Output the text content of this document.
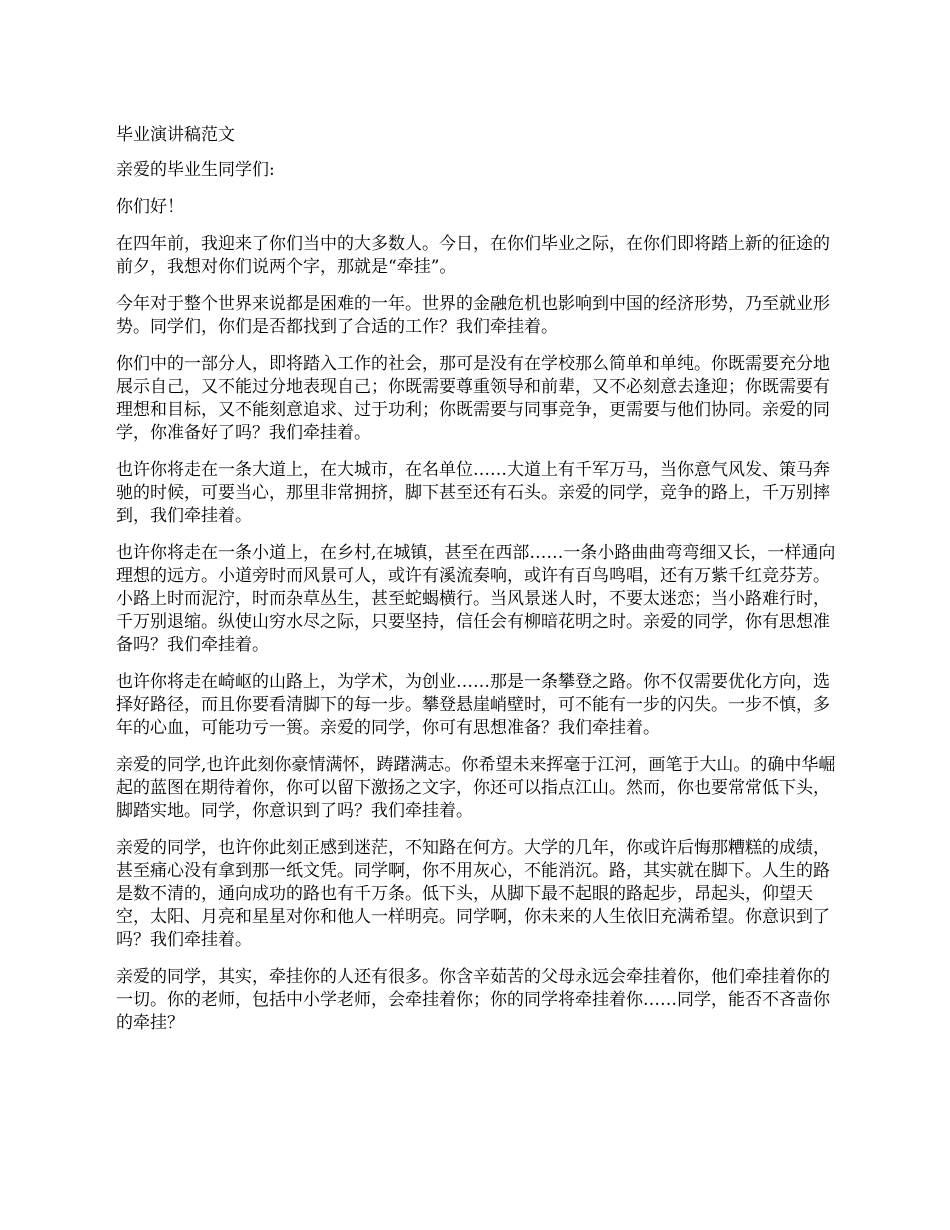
毕业演讲稿范文

亲爱的毕业生同学们:

你们好！

在四年前，我迎来了你们当中的大多数人。今日，在你们毕业之际，在你们即将踏上新的征途的前夕，我想对你们说两个字，那就是“牵挂”。

今年对于整个世界来说都是困难的一年。世界的金融危机也影响到中国的经济形势，乃至就业形势。同学们，你们是否都找到了合适的工作？我们牵挂着。

你们中的一部分人，即将踏入工作的社会，那可是没有在学校那么简单和单纯。你既需要充分地展示自己，又不能过分地表现自己；你既需要尊重领导和前辈，又不必刻意去逢迎；你既需要有理想和目标，又不能刻意追求、过于功利；你既需要与同事竞争，更需要与他们协同。亲爱的同学，你准备好了吗？我们牵挂着。

也许你将走在一条大道上，在大城市，在名单位……大道上有千军万马，当你意气风发、策马奔驰的时候，可要当心，那里非常拥挤，脚下甚至还有石头。亲爱的同学，竞争的路上，千万别摔到，我们牵挂着。

也许你将走在一条小道上，在乡村,在城镇，甚至在西部……一条小路曲曲弯弯细又长，一样通向理想的远方。小道旁时而风景可人，或许有溪流奏响，或许有百鸟鸣唱，还有万紫千红竞芬芳。小路上时而泥泞，时而杂草丛生，甚至蛇蝎横行。当风景迷人时，不要太迷恋；当小路难行时，千万别退缩。纵使山穷水尽之际，只要坚持，信任会有柳暗花明之时。亲爱的同学，你有思想准备吗？我们牵挂着。

也许你将走在崎岖的山路上，为学术，为创业……那是一条攀登之路。你不仅需要优化方向，选择好路径，而且你要看清脚下的每一步。攀登悬崖峭壁时，可不能有一步的闪失。一步不慎，多年的心血，可能功亏一篑。亲爱的同学，你可有思想准备？我们牵挂着。

亲爱的同学,也许此刻你豪情满怀，踌躇满志。你希望未来挥毫于江河，画笔于大山。的确中华崛起的蓝图在期待着你，你可以留下激扬之文字，你还可以指点江山。然而，你也要常常低下头，脚踏实地。同学，你意识到了吗？我们牵挂着。

亲爱的同学，也许你此刻正感到迷茫，不知路在何方。大学的几年，你或许后悔那糟糕的成绩，甚至痛心没有拿到那一纸文凭。同学啊，你不用灰心，不能消沉。路，其实就在脚下。人生的路是数不清的，通向成功的路也有千万条。低下头，从脚下最不起眼的路起步，昂起头，仰望天空，太阳、月亮和星星对你和他人一样明亮。同学啊，你未来的人生依旧充满希望。你意识到了吗？我们牵挂着。

亲爱的同学，其实，牵挂你的人还有很多。你含辛茹苦的父母永远会牵挂着你，他们牵挂着你的一切。你的老师，包括中小学老师，会牵挂着你；你的同学将牵挂着你……同学，能否不吝啬你的牵挂？
